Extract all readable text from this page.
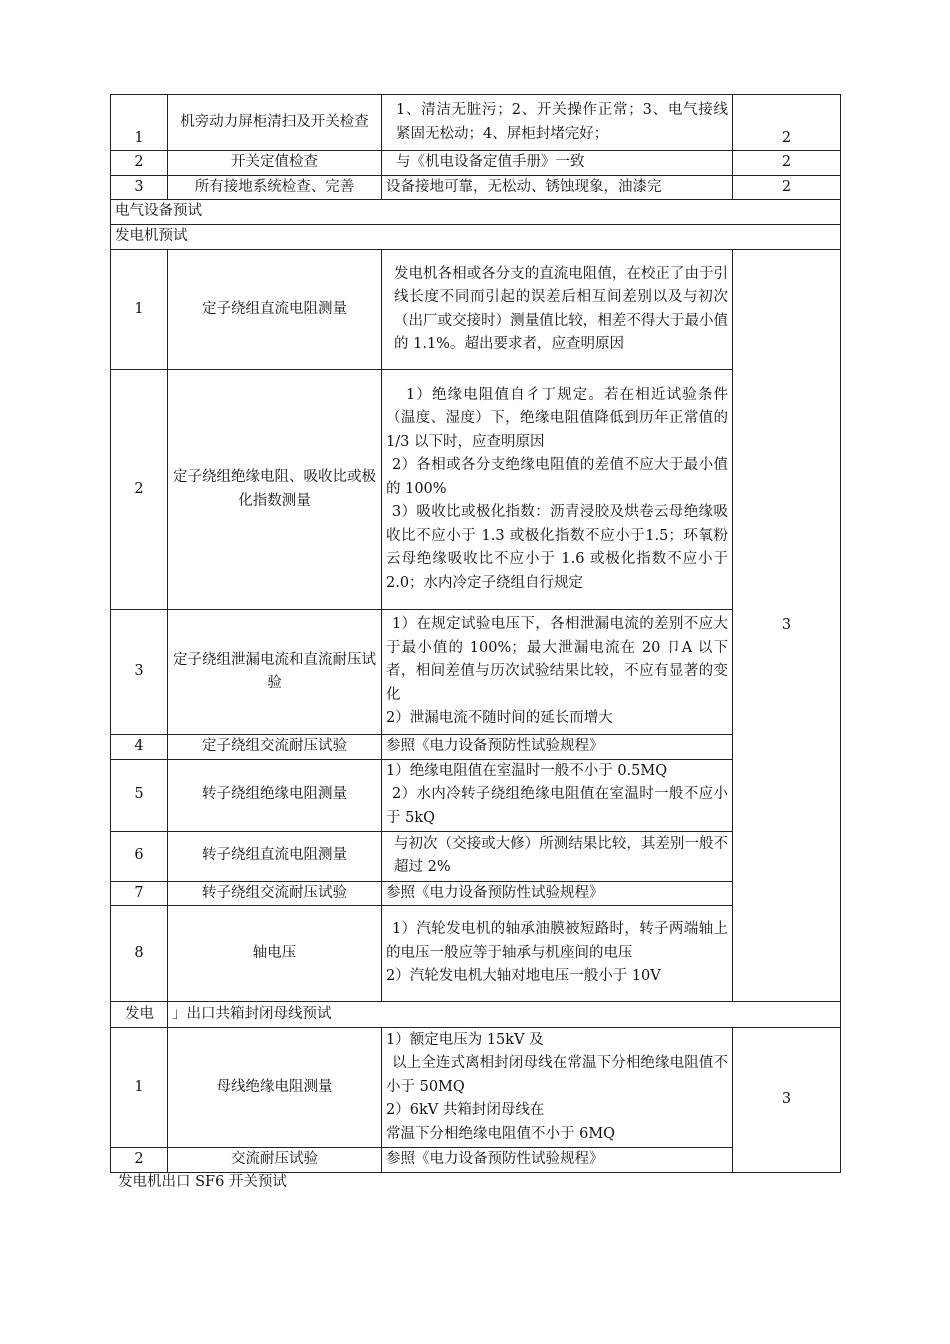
1	机旁动力屏柜清扫及开关检查	1、清洁无脏污；2、开关操作正常；3、电气接线紧固无松动；4、屏柜封堵完好；	2
2	开关定值检查	与《机电设备定值手册》一致	2
3	所有接地系统检查、完善	设备接地可靠，无松动、锈蚀现象，油漆完	2
电气设备预试			
发电机预试			
1	定子绕组直流电阻测量	发电机各相或各分支的直流电阻值，在校正了由于引线长度不同而引起的误差后相互间差别以及与初次（出厂或交接时）测量值比较，相差不得大于最小值的 1.1%。超出要求者，应查明原因	3
2	定子绕组绝缘电阻、吸收比或极化指数测量	1）绝缘电阻值自彳丁规定。若在相近试验条件（温度、湿度）下，绝缘电阻值降低到历年正常值的 1/3 以下时，应查明原因
2）各相或各分支绝缘电阻值的差值不应大于最小值的 100%
3）吸收比或极化指数：沥青浸胶及烘卷云母绝缘吸收比不应小于 1.3 或极化指数不应小于1.5；环氧粉云母绝缘吸收比不应小于 1.6 或极化指数不应小于 2.0；水内冷定子绕组自行规定	

3	定子绕组泄漏电流和直流耐压试验	1）在规定试验电压下，各相泄漏电流的差别不应大于最小值的 100%；最大泄漏电流在 20 卩A 以下者，相间差值与历次试验结果比较，不应有显著的变化
2）泄漏电流不随时间的延长而增大	

4	定子绕组交流耐压试验	参照《电力设备预防性试验规程》	
5	转子绕组绝缘电阻测量	1）绝缘电阻值在室温时一般不小于 0.5MQ
2）水内冷转子绕组绝缘电阻值在室温时一般不应小于 5kQ	

6	转子绕组直流电阻测量	与初次（交接或大修）所测结果比较，其差别一般不超过 2%	
7	转子绕组交流耐压试验	参照《电力设备预防性试验规程》	
8	轴电压	1）汽轮发电机的轴承油膜被短路时，转子两端轴上的电压一般应等于轴承与机座间的电压
2）汽轮发电机大轴对地电压一般小于 10V	

发电	」出口共箱封闭母线预试		
1	母线绝缘电阻测量	1）额定电压为 15kV 及
以上全连式离相封闭母线在常温下分相绝缘电阻值不小于 50MQ
2）6kV 共箱封闭母线在
常温下分相绝缘电阻值不小于 6MQ	3
2	交流耐压试验	参照《电力设备预防性试验规程》	
发电机出口 SF6 开关预试
